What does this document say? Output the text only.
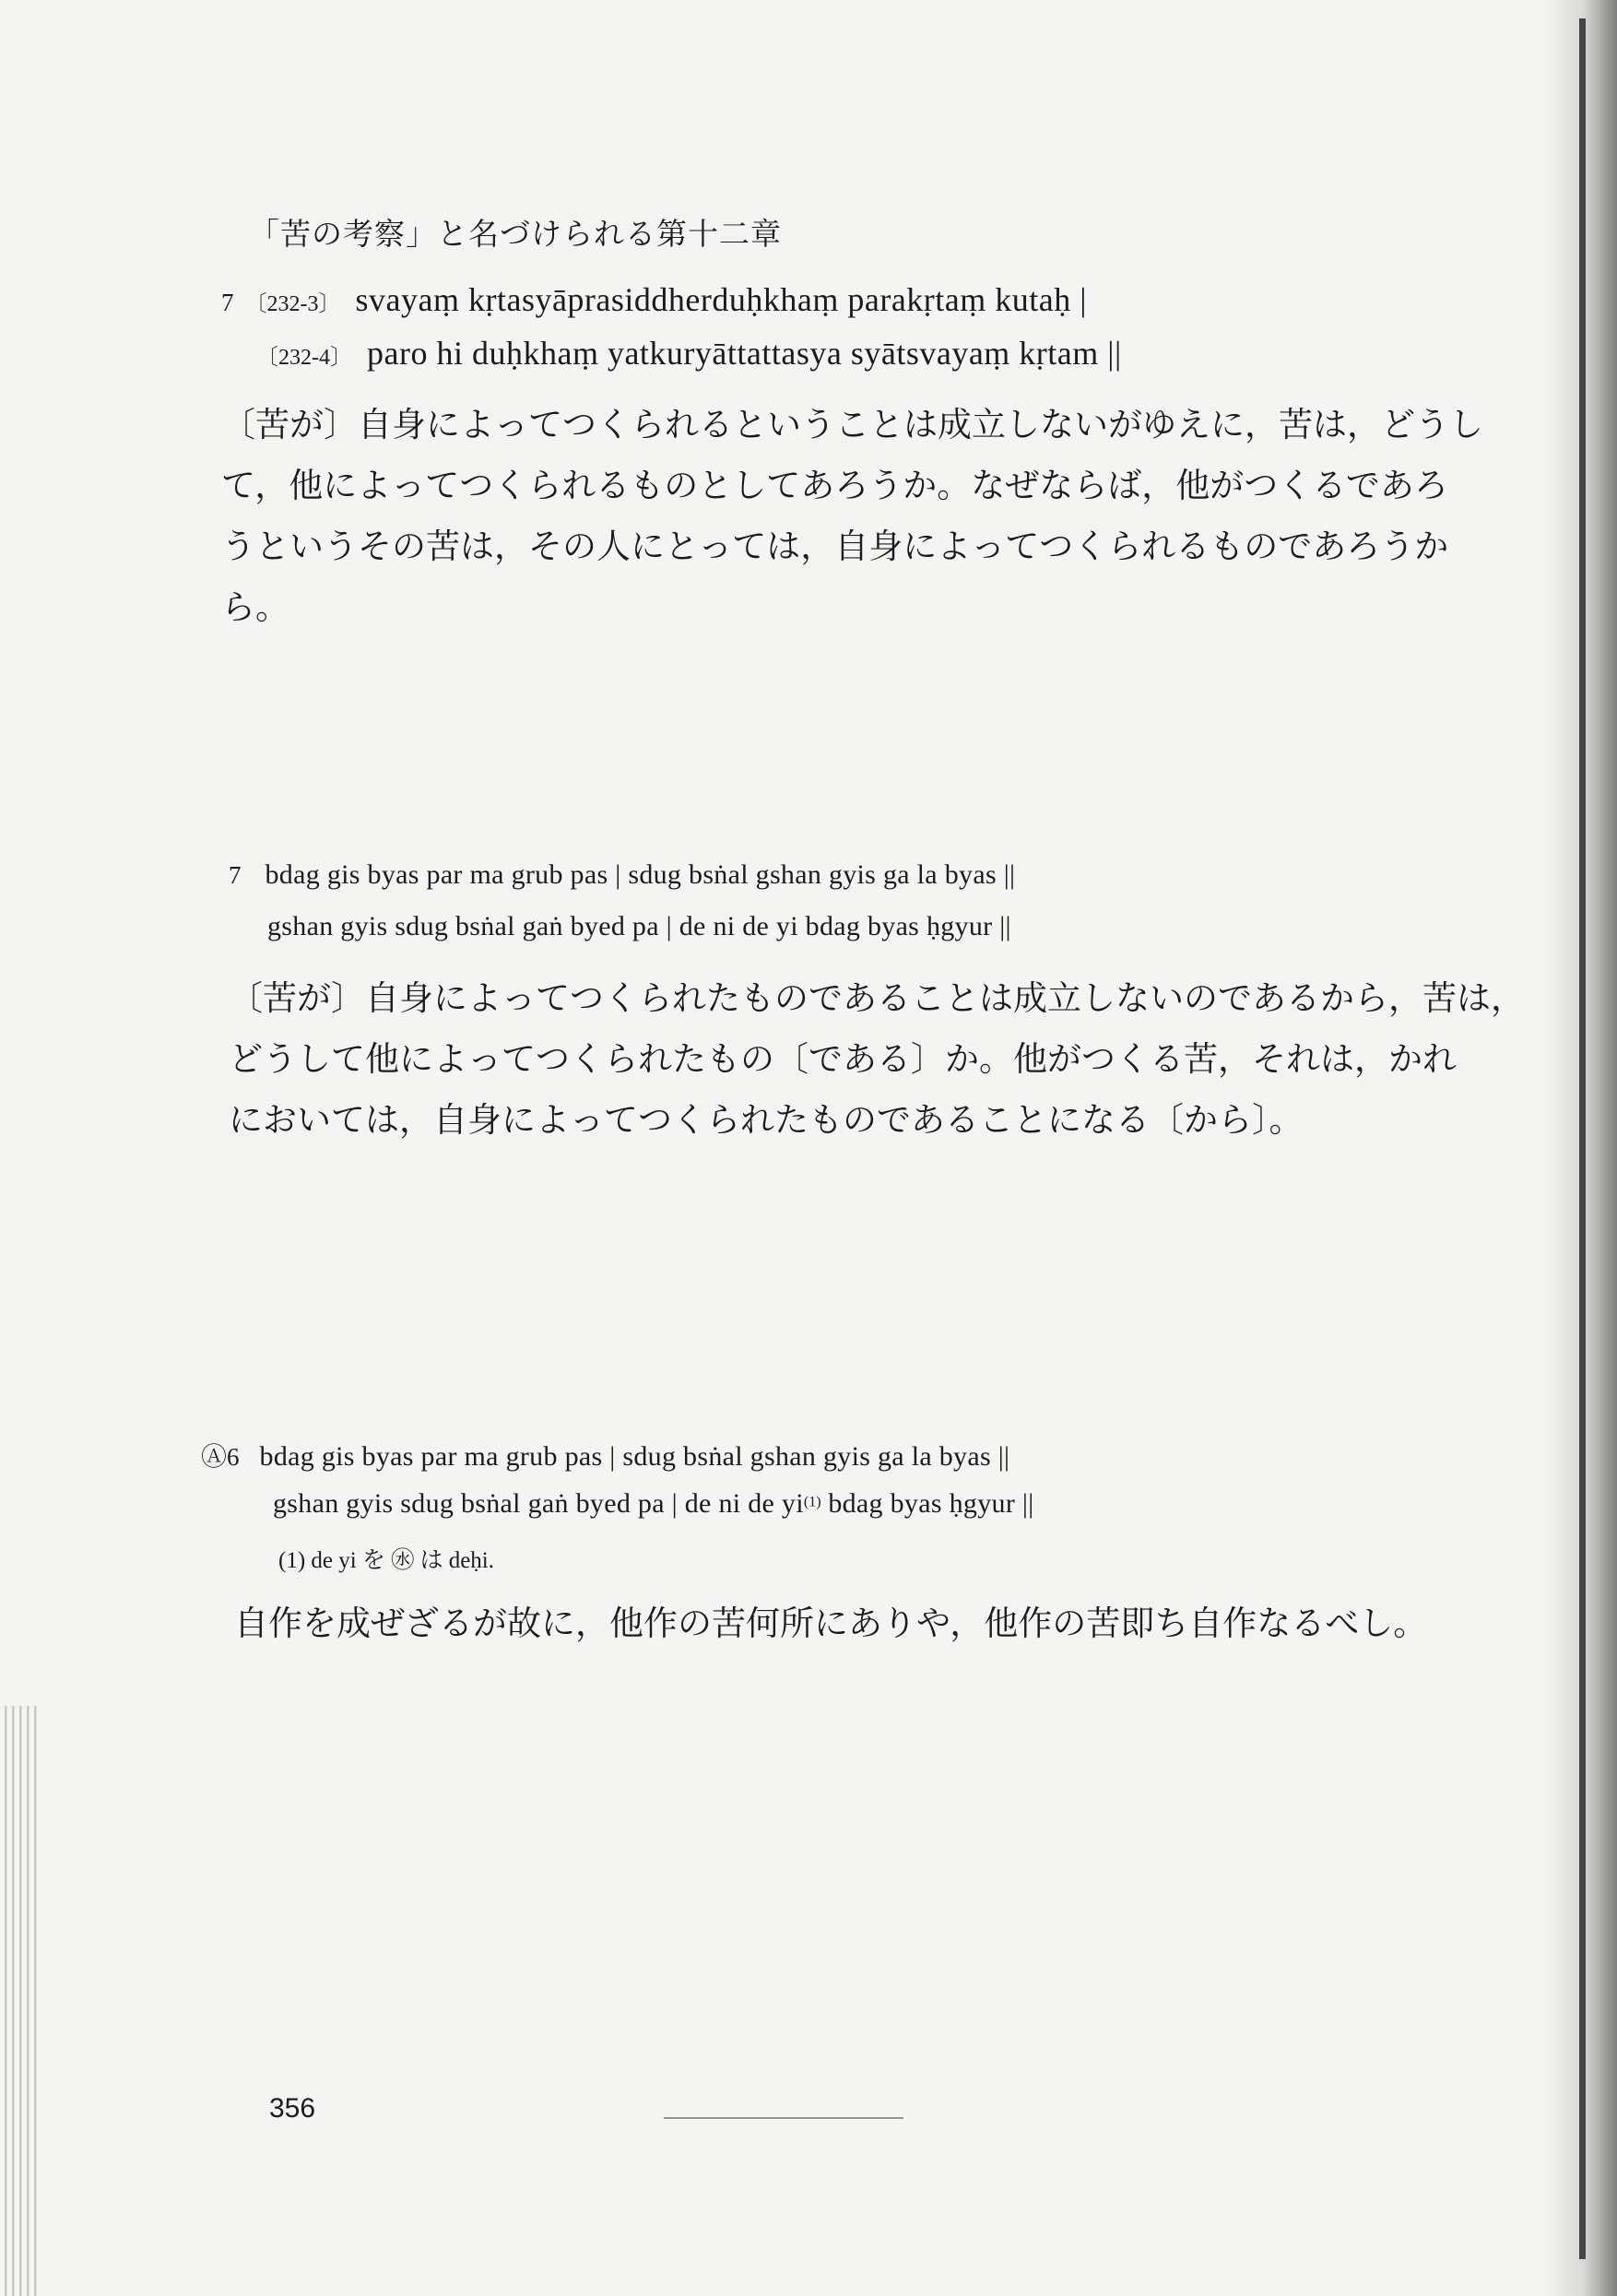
「苦の考察」と名づけられる第十二章
7 〔232-3〕 svayaṃ kṛtasyāprasiddherduḥkhaṃ parakṛtaṃ kutaḥ |
〔232-4〕 paro hi duḥkhaṃ yatkuryāttattasya syātsvayaṃ kṛtam ||
〔苦が〕自身によってつくられるということは成立しないがゆえに，苦は，どうし
て，他によってつくられるものとしてあろうか。なぜならば，他がつくるであろ
うというその苦は，その人にとっては，自身によってつくられるものであろうか
ら。
7 bdag gis byas par ma grub pas | sdug bsṅal gshan gyis ga la byas ||
gshan gyis sdug bsṅal gaṅ byed pa | de ni de yi bdag byas ḥgyur ||
〔苦が〕自身によってつくられたものであることは成立しないのであるから，苦は，
どうして他によってつくられたもの〔である〕か。他がつくる苦，それは，かれ
においては，自身によってつくられたものであることになる〔から〕。
Ⓐ6 bdag gis byas par ma grub pas | sdug bsṅal gshan gyis ga la byas ||
gshan gyis sdug bsṅal gaṅ byed pa | de ni de $yi^{(1)}$ bdag byas ḥgyur ||
(1) de yi を ㊌ は deḥi.
自作を成ぜざるが故に，他作の苦何所にありや，他作の苦即ち自作なるべし。
356
